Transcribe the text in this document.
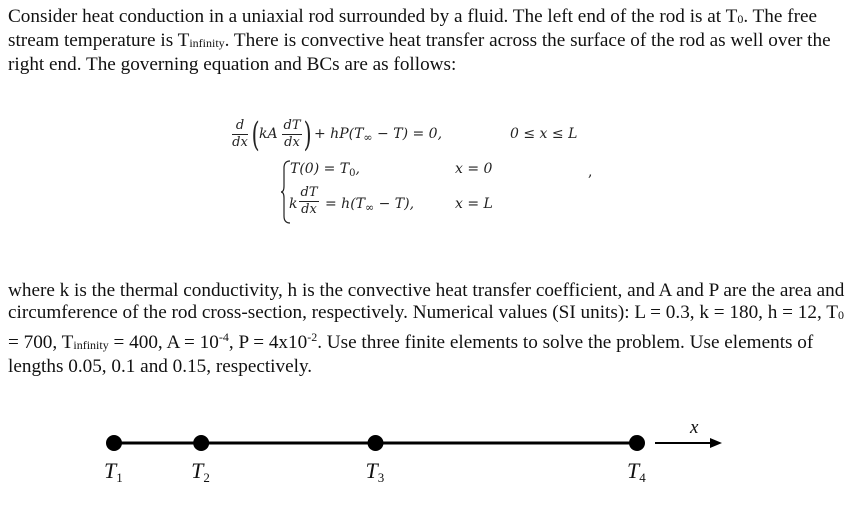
Consider heat conduction in a uniaxial rod surrounded by a fluid. The left end of the rod is at T0. The free stream temperature is Tinfinity. There is convective heat transfer across the surface of the rod as well over the right end. The governing equation and BCs are as follows:

d
dx ( kA
dT
dx ) + $hP(T_\infty - T) = 0$,	0 ≤ x ≤ L
$T(0) = T_0$,	x = 0	,
k
dT
dx = $h(T_\infty - T)$,	x = L

where k is the thermal conductivity, h is the convective heat transfer coefficient, and A and P are the area and circumference of the rod cross-section, respectively. Numerical values (SI units): L = 0.3, k = 180, h = 12, T0 = 700, Tinfinity = 400, $A = 10^{-4}$, $P = 4x10^{-2}$. Use three finite elements to solve the problem. Use elements of lengths 0.05, 0.1 and 0.15, respectively.

x
T1	T2	T3	T4
